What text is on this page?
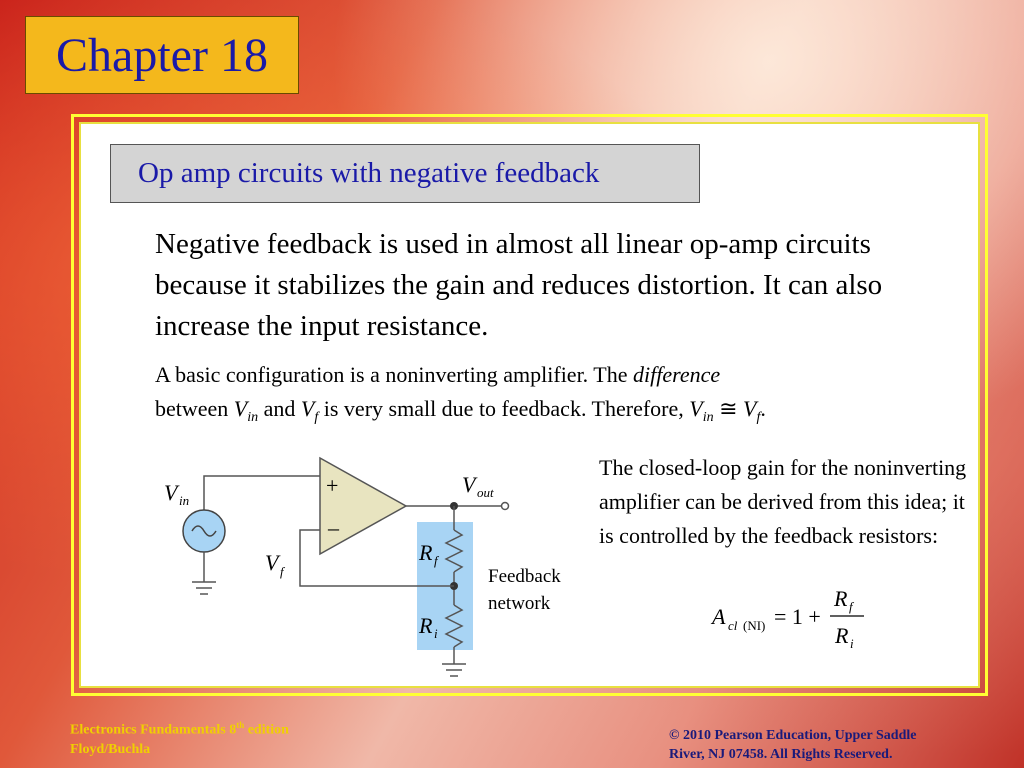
Chapter 18
Op amp circuits with negative feedback
Negative feedback is used in almost all linear op-amp circuits because it stabilizes the gain and reduces distortion. It can also increase the input resistance.
A basic configuration is a noninverting amplifier. The difference
between $V_{in}$ and $V_f$ is very small due to feedback. Therefore, $V_{in}$ ≅ $V_f$.
The closed-loop gain for the noninverting amplifier can be derived from this idea; it is controlled by the feedback resistors:
A cl (NI) = 1 +
R f
R i
+
–
V in
V f
V out
R f
R i
Feedback
network
Electronics Fundamentals 8th edition
Floyd/Buchla
© 2010 Pearson Education, Upper Saddle
River, NJ 07458. All Rights Reserved.
